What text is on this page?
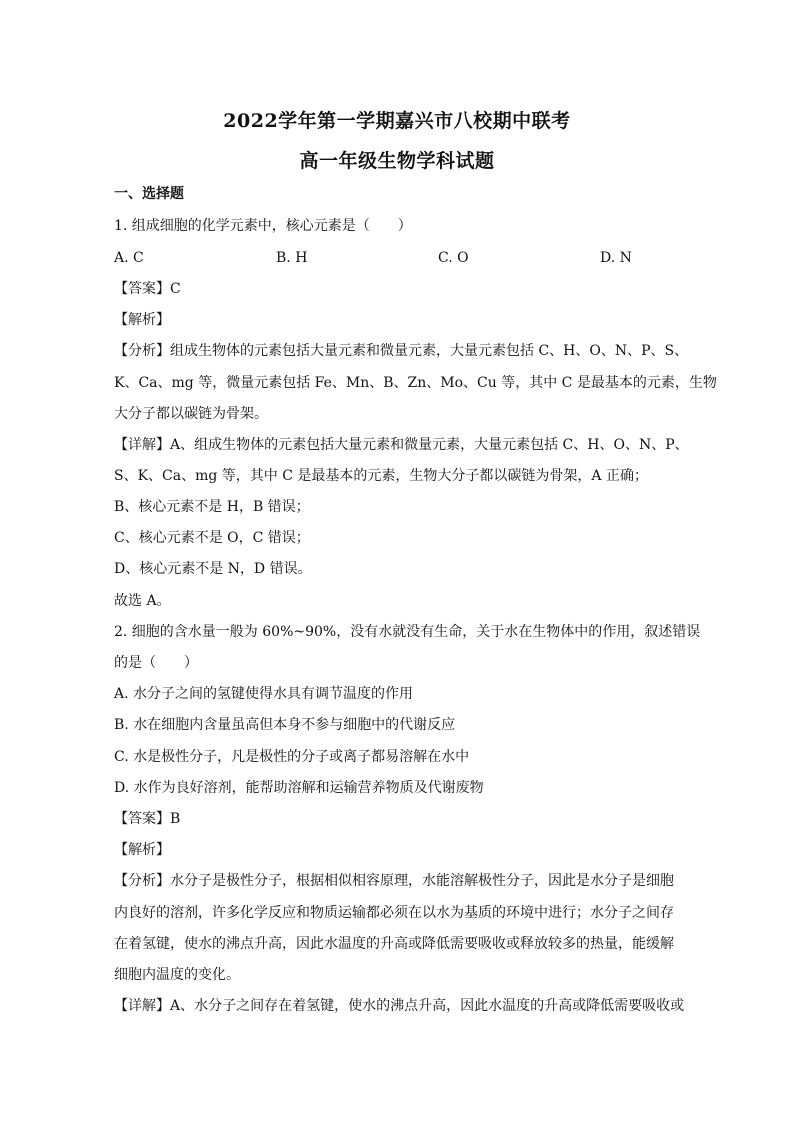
2022学年第一学期嘉兴市八校期中联考
高一年级生物学科试题
一、选择题
1. 组成细胞的化学元素中，核心元素是（　　）
A. C	B. H	C. O	D. N
【答案】C
【解析】
【分析】组成生物体的元素包括大量元素和微量元素，大量元素包括 C、H、O、N、P、S、
K、Ca、mg 等，微量元素包括 Fe、Mn、B、Zn、Mo、Cu 等，其中 C 是最基本的元素，生物
大分子都以碳链为骨架。
【详解】A、组成生物体的元素包括大量元素和微量元素，大量元素包括 C、H、O、N、P、
S、K、Ca、mg 等，其中 C 是最基本的元素，生物大分子都以碳链为骨架，A 正确；
B、核心元素不是 H，B 错误；
C、核心元素不是 O，C 错误；
D、核心元素不是 N，D 错误。
故选 A。
2. 细胞的含水量一般为 60%~90%，没有水就没有生命，关于水在生物体中的作用，叙述错误
的是（　　）
A. 水分子之间的氢键使得水具有调节温度的作用
B. 水在细胞内含量虽高但本身不参与细胞中的代谢反应
C. 水是极性分子，凡是极性的分子或离子都易溶解在水中
D. 水作为良好溶剂，能帮助溶解和运输营养物质及代谢废物
【答案】B
【解析】
【分析】水分子是极性分子，根据相似相容原理，水能溶解极性分子，因此是水分子是细胞
内良好的溶剂，许多化学反应和物质运输都必须在以水为基质的环境中进行；水分子之间存
在着氢键，使水的沸点升高，因此水温度的升高或降低需要吸收或释放较多的热量，能缓解
细胞内温度的变化。
【详解】A、水分子之间存在着氢键，使水的沸点升高，因此水温度的升高或降低需要吸收或
